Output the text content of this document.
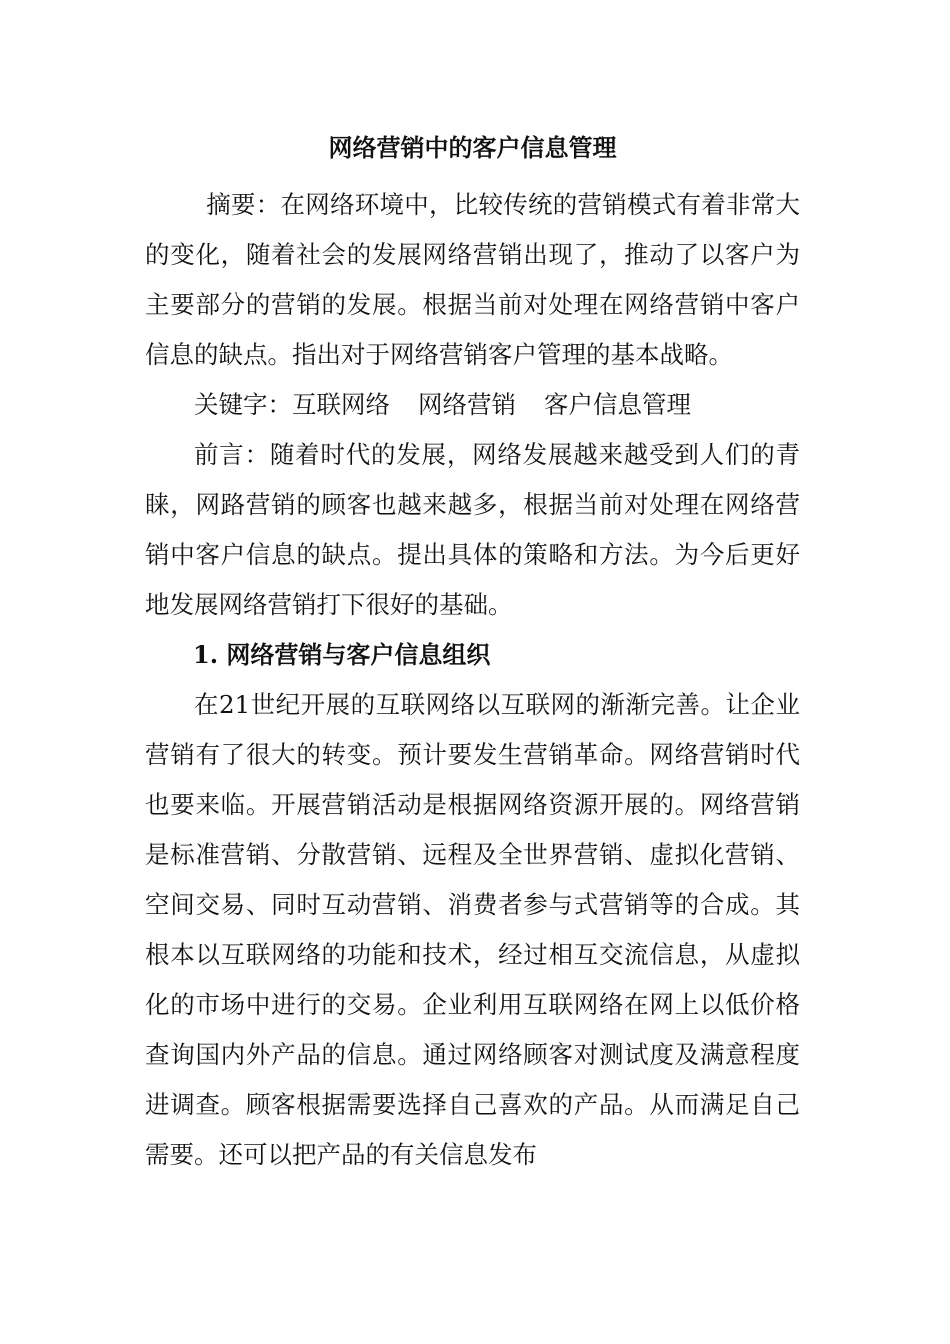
网络营销中的客户信息管理

摘要：在网络环境中，比较传统的营销模式有着非常大的变化，随着社会的发展网络营销出现了，推动了以客户为主要部分的营销的发展。根据当前对处理在网络营销中客户信息的缺点。指出对于网络营销客户管理的基本战略。

关键字：互联网络 网络营销 客户信息管理

前言：随着时代的发展，网络发展越来越受到人们的青睐，网路营销的顾客也越来越多，根据当前对处理在网络营销中客户信息的缺点。提出具体的策略和方法。为今后更好地发展网络营销打下很好的基础。

1. 网络营销与客户信息组织

在21世纪开展的互联网络以互联网的渐渐完善。让企业营销有了很大的转变。预计要发生营销革命。网络营销时代也要来临。开展营销活动是根据网络资源开展的。网络营销是标准营销、分散营销、远程及全世界营销、虚拟化营销、空间交易、同时互动营销、消费者参与式营销等的合成。其根本以互联网络的功能和技术，经过相互交流信息，从虚拟化的市场中进行的交易。企业利用互联网络在网上以低价格查询国内外产品的信息。通过网络顾客对测试度及满意程度进调查。顾客根据需要选择自己喜欢的产品。从而满足自己需要。还可以把产品的有关信息发布
